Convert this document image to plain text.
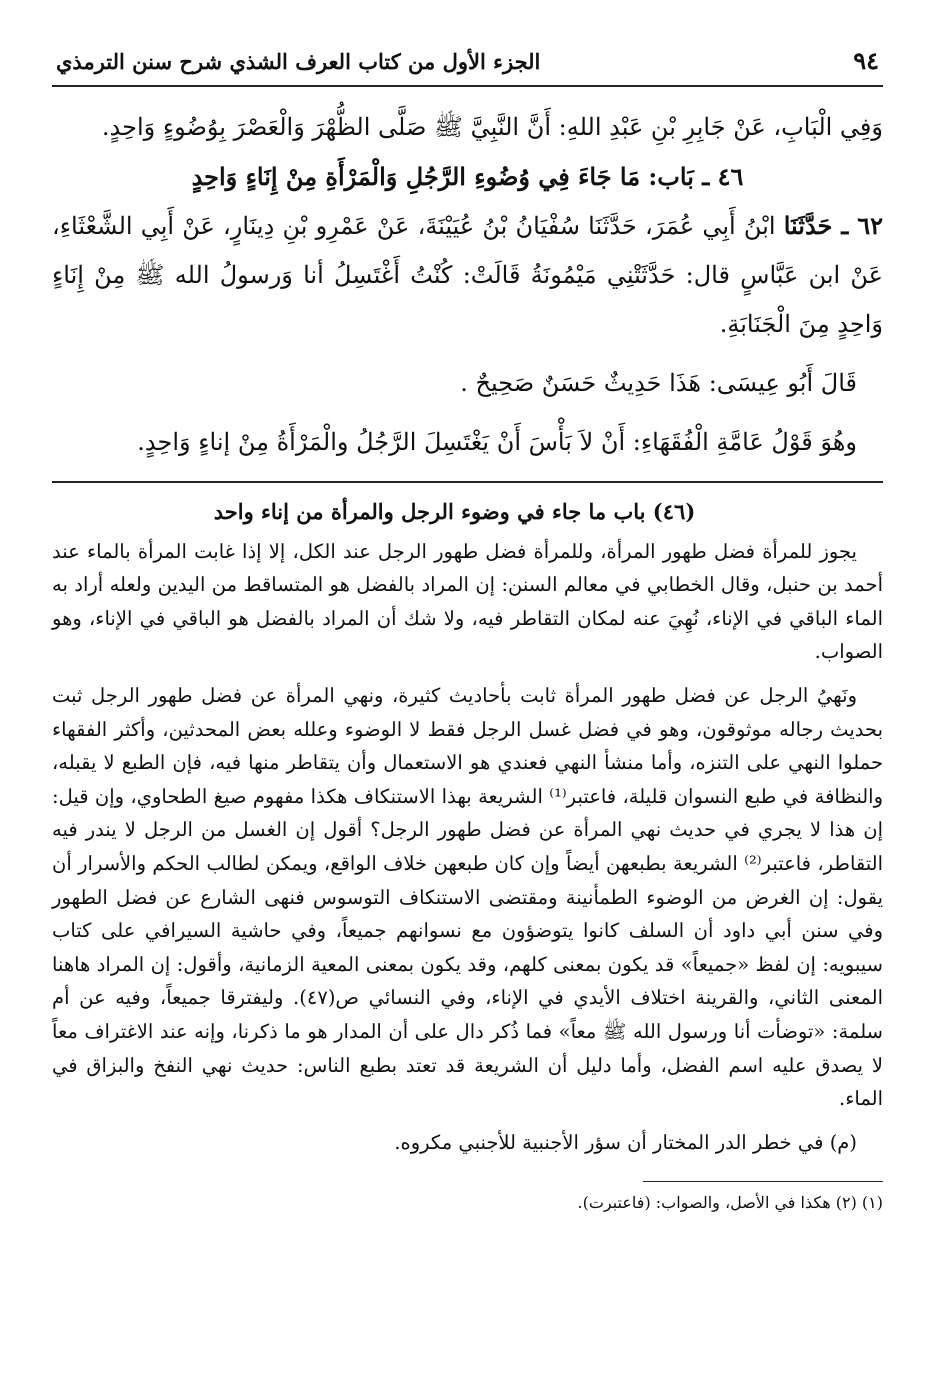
٩٤
الجزء الأول من كتاب العرف الشذي شرح سنن الترمذي

وَفِي الْبَابِ، عَنْ جَابِرِ بْنِ عَبْدِ اللهِ: أَنَّ النَّبِيَّ ﷺ صَلَّى الظُّهْرَ وَالْعَصْرَ بِوُضُوءٍ وَاحِدٍ.

٤٦ ـ بَاب: مَا جَاءَ فِي وُضُوءِ الرَّجُلِ وَالْمَرْأَةِ مِنْ إِنَاءٍ وَاحِدٍ

٦٢ ـ حَدَّثَنَا ابْنُ أَبِي عُمَرَ، حَدَّثَنَا سُفْيَانُ بْنُ عُيَيْنَةَ، عَنْ عَمْرِو بْنِ دِينَارٍ، عَنْ أَبِي الشَّعْثَاءِ، عَنْ ابن عَبَّاسٍ قال: حَدَّثَتْنِي مَيْمُونَةُ قَالَتْ: كُنْتُ أَغْتَسِلُ أنا وَرسولُ الله ﷺ مِنْ إِنَاءٍ وَاحِدٍ مِنَ الْجَنَابَةِ.

قَالَ أَبُو عِيسَى: هَذَا حَدِيثٌ حَسَنٌ صَحِيحٌ .

وهُوَ قَوْلُ عَامَّةِ الْفُقَهَاءِ: أَنْ لاَ بَأْسَ أَنْ يَغْتَسِلَ الرَّجُلُ والْمَرْأَةُ مِنْ إناءٍ وَاحِدٍ.

(٤٦) باب ما جاء في وضوء الرجل والمرأة من إناء واحد

يجوز للمرأة فضل طهور المرأة، وللمرأة فضل طهور الرجل عند الكل، إلا إذا غابت المرأة بالماء عند أحمد بن حنبل، وقال الخطابي في معالم السنن: إن المراد بالفضل هو المتساقط من اليدين ولعله أراد به الماء الباقي في الإناء، نُهِيَ عنه لمكان التقاطر فيه، ولا شك أن المراد بالفضل هو الباقي في الإناء، وهو الصواب.

ونَهيُ الرجل عن فضل طهور المرأة ثابت بأحاديث كثيرة، ونهي المرأة عن فضل طهور الرجل ثبت بحديث رجاله موثوقون، وهو في فضل غسل الرجل فقط لا الوضوء وعلله بعض المحدثين، وأكثر الفقهاء حملوا النهي على التنزه، وأما منشأ النهي فعندي هو الاستعمال وأن يتقاطر منها فيه، فإن الطبع لا يقبله، والنظافة في طبع النسوان قليلة، فاعتبر⁽¹⁾ الشريعة بهذا الاستنكاف هكذا مفهوم صيغ الطحاوي، وإن قيل: إن هذا لا يجري في حديث نهي المرأة عن فضل طهور الرجل؟ أقول إن الغسل من الرجل لا يندر فيه التقاطر، فاعتبر⁽²⁾ الشريعة بطبعهن أيضاً وإن كان طبعهن خلاف الواقع، ويمكن لطالب الحكم والأسرار أن يقول: إن الغرض من الوضوء الطمأنينة ومقتضى الاستنكاف التوسوس فنهى الشارع عن فضل الطهور وفي سنن أبي داود أن السلف كانوا يتوضؤون مع نسوانهم جميعاً، وفي حاشية السيرافي على كتاب سيبويه: إن لفظ «جميعاً» قد يكون بمعنى كلهم، وقد يكون بمعنى المعية الزمانية، وأقول: إن المراد هاهنا المعنى الثاني، والقرينة اختلاف الأيدي في الإناء، وفي النسائي ص(٤٧). وليفترقا جميعاً، وفيه عن أم سلمة: «توضأت أنا ورسول الله ﷺ معاً» فما ذُكر دال على أن المدار هو ما ذكرنا، وإنه عند الاغتراف معاً لا يصدق عليه اسم الفضل، وأما دليل أن الشريعة قد تعتد بطبع الناس: حديث نهي النفخ والبزاق في الماء.

(م) في خطر الدر المختار أن سؤر الأجنبية للأجنبي مكروه.

(١) (٢) هكذا في الأصل، والصواب: (فاعتبرت).
